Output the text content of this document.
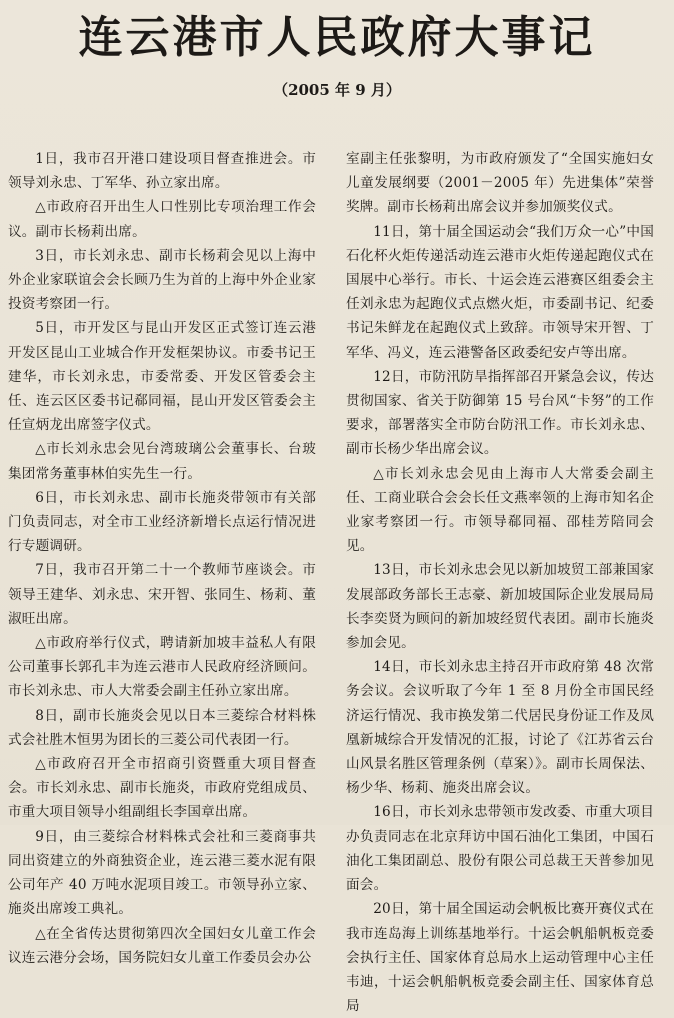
连云港市人民政府大事记
（2005 年 9 月）

1日，我市召开港口建设项目督查推进会。市领导刘永忠、丁军华、孙立家出席。

△市政府召开出生人口性别比专项治理工作会议。副市长杨莉出席。

3日，市长刘永忠、副市长杨莉会见以上海中外企业家联谊会会长顾乃生为首的上海中外企业家投资考察团一行。

5日，市开发区与昆山开发区正式签订连云港开发区昆山工业城合作开发框架协议。市委书记王建华，市长刘永忠，市委常委、开发区管委会主任、连云区区委书记郗同福，昆山开发区管委会主任宣炳龙出席签字仪式。

△市长刘永忠会见台湾玻璃公会董事长、台玻集团常务董事林伯实先生一行。

6日，市长刘永忠、副市长施炎带领市有关部门负责同志，对全市工业经济新增长点运行情况进行专题调研。

7日，我市召开第二十一个教师节座谈会。市领导王建华、刘永忠、宋开智、张同生、杨莉、董淑旺出席。

△市政府举行仪式，聘请新加坡丰益私人有限公司董事长郭孔丰为连云港市人民政府经济顾问。市长刘永忠、市人大常委会副主任孙立家出席。

8日，副市长施炎会见以日本三菱综合材料株式会社胜木恒男为团长的三菱公司代表团一行。

△市政府召开全市招商引资暨重大项目督查会。市长刘永忠、副市长施炎，市政府党组成员、市重大项目领导小组副组长李国章出席。

9日，由三菱综合材料株式会社和三菱商事共同出资建立的外商独资企业，连云港三菱水泥有限公司年产 40 万吨水泥项目竣工。市领导孙立家、施炎出席竣工典礼。

△在全省传达贯彻第四次全国妇女儿童工作会议连云港分会场，国务院妇女儿童工作委员会办公

室副主任张黎明，为市政府颁发了“全国实施妇女儿童发展纲要（2001－2005 年）先进集体”荣誉奖牌。副市长杨莉出席会议并参加颁奖仪式。

11日，第十届全国运动会“我们万众一心”中国石化杯火炬传递活动连云港市火炬传递起跑仪式在国展中心举行。市长、十运会连云港赛区组委会主任刘永忠为起跑仪式点燃火炬，市委副书记、纪委书记朱鲜龙在起跑仪式上致辞。市领导宋开智、丁军华、冯义，连云港警备区政委纪安卢等出席。

12日，市防汛防旱指挥部召开紧急会议，传达贯彻国家、省关于防御第 15 号台风“卡努”的工作要求，部署落实全市防台防汛工作。市长刘永忠、副市长杨少华出席会议。

△市长刘永忠会见由上海市人大常委会副主任、工商业联合会会长任文燕率领的上海市知名企业家考察团一行。市领导郗同福、邵桂芳陪同会见。

13日，市长刘永忠会见以新加坡贸工部兼国家发展部政务部长王志豪、新加坡国际企业发展局局长李奕贤为顾问的新加坡经贸代表团。副市长施炎参加会见。

14日，市长刘永忠主持召开市政府第 48 次常务会议。会议听取了今年 1 至 8 月份全市国民经济运行情况、我市换发第二代居民身份证工作及凤凰新城综合开发情况的汇报，讨论了《江苏省云台山风景名胜区管理条例（草案）》。副市长周保法、杨少华、杨莉、施炎出席会议。

16日，市长刘永忠带领市发改委、市重大项目办负责同志在北京拜访中国石油化工集团，中国石油化工集团副总、股份有限公司总裁王天普参加见面会。

20日，第十届全国运动会帆板比赛开赛仪式在我市连岛海上训练基地举行。十运会帆船帆板竞委会执行主任、国家体育总局水上运动管理中心主任韦迪，十运会帆船帆板竞委会副主任、国家体育总局
